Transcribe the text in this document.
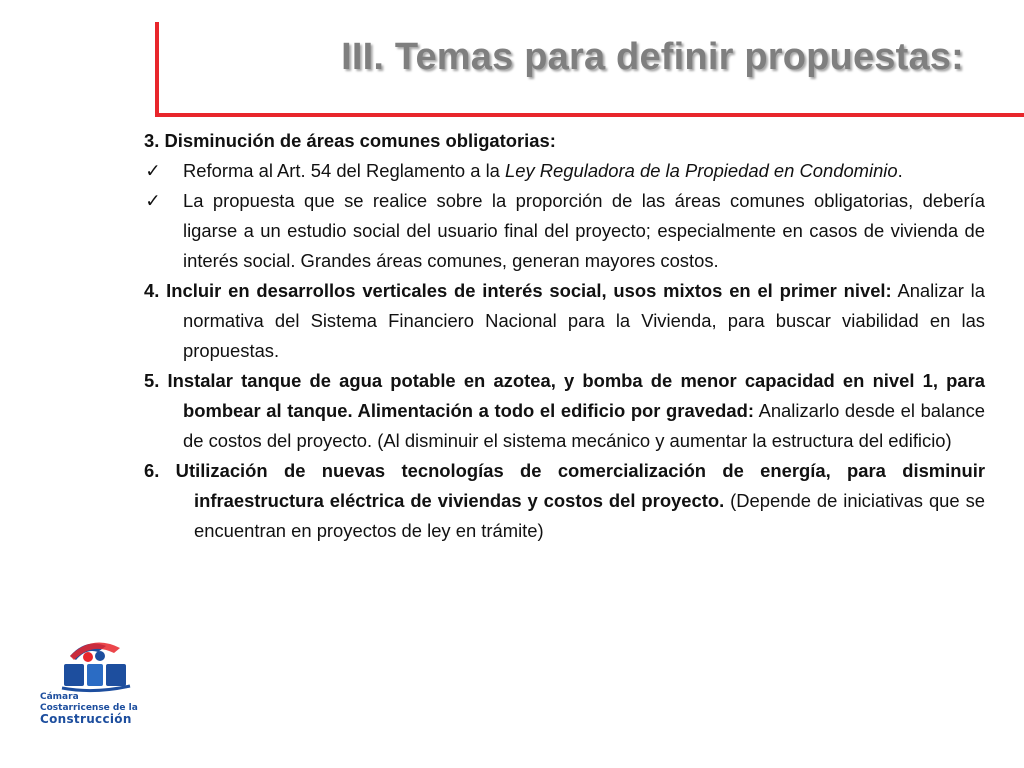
III. Temas para definir propuestas:

3. Disminución de áreas comunes obligatorias:

✓ Reforma al Art. 54 del Reglamento a la Ley Reguladora de la Propiedad en Condominio.
✓ La propuesta que se realice sobre la proporción de las áreas comunes obligatorias, debería ligarse a un estudio social del usuario final del proyecto; especialmente en casos de vivienda de interés social. Grandes áreas comunes, generan mayores costos.

4. Incluir en desarrollos verticales de interés social, usos mixtos en el primer nivel: Analizar la normativa del Sistema Financiero Nacional para la Vivienda, para buscar viabilidad en las propuestas.

5. Instalar tanque de agua potable en azotea, y bomba de menor capacidad en nivel 1, para bombear al tanque. Alimentación a todo el edificio por gravedad: Analizarlo desde el balance de costos del proyecto. (Al disminuir el sistema mecánico y aumentar la estructura del edificio)

6. Utilización de nuevas tecnologías de comercialización de energía, para disminuir infraestructura eléctrica de viviendas y costos del proyecto. (Depende de iniciativas que se encuentran en proyectos de ley en trámite)

Cámara
Costarricense de la
Construcción
